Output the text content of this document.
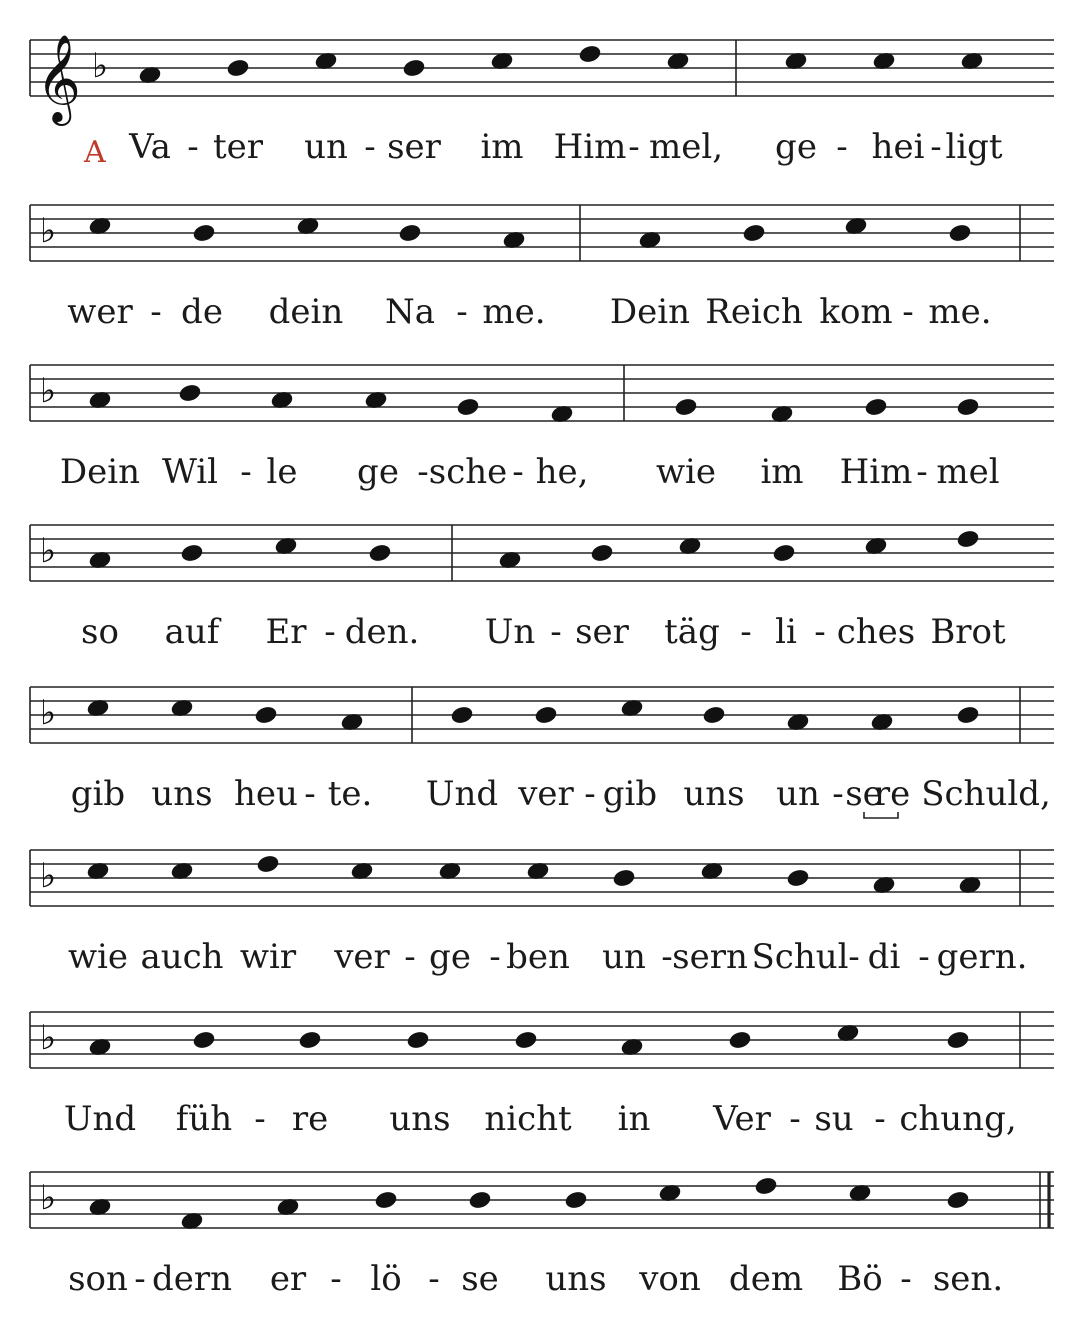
𝄞 ♭
♭
♭
♭
♭
♭
♭
♭
Va - ter un - ser im Him - mel, ge - hei - ligt
wer - de dein Na - me. Dein Reich kom - me.
Dein Wil - le ge - sche - he, wie im Him - mel
so auf Er - den. Un - ser täg - li - ches Brot
gib uns heu - te. Und ver - gib uns un - se
re Schuld,
wie auch wir ver - ge - ben un - sern Schul - di - gern.
Und füh - re uns nicht in Ver - su - chung,
son - dern er - lö - se uns von dem Bö - sen.
A
